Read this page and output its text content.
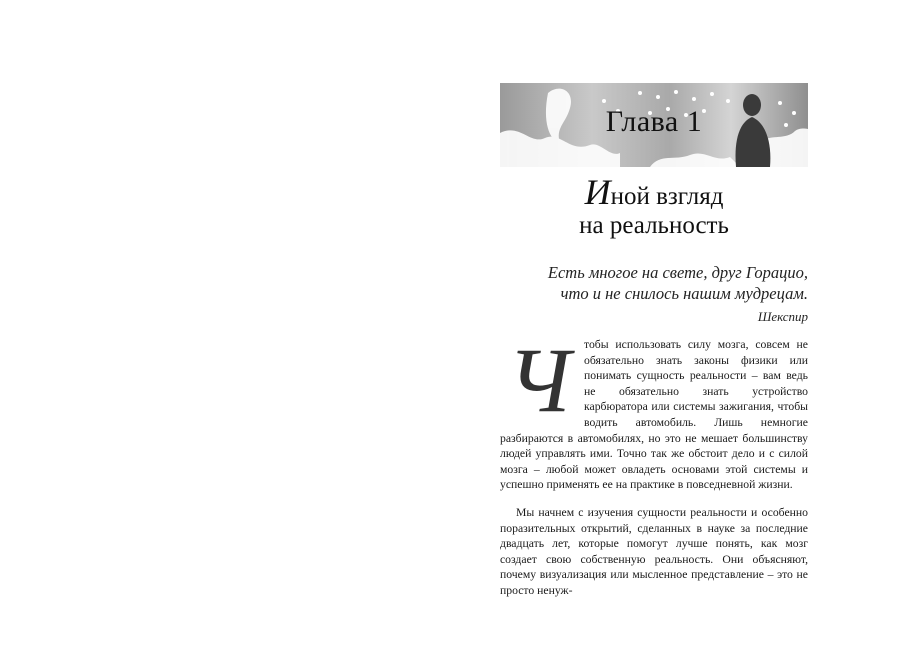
Глава 1
Иной взгляд
на реальность
Есть многое на свете, друг Горацио,
что и не снилось нашим мудрецам.
Шекспир
Ч	тобы использовать силу мозга, совсем не обязательно знать законы физики или понимать сущность реальности – вам ведь не обязательно знать устройство карбюратора или системы зажигания, чтобы водить автомобиль. Лишь немногие разбираются в автомобилях, но это не мешает большинству людей управлять ими. Точно так же обстоит дело и с силой мозга – любой может овладеть основами этой системы и успешно применять ее на практике в повседневной жизни.
Мы начнем с изучения сущности реальности и особенно поразительных открытий, сделанных в науке за последние двадцать лет, которые помогут лучше понять, как мозг создает свою собственную реальность. Они объясняют, почему визуализация или мысленное представление – это не просто ненуж-
